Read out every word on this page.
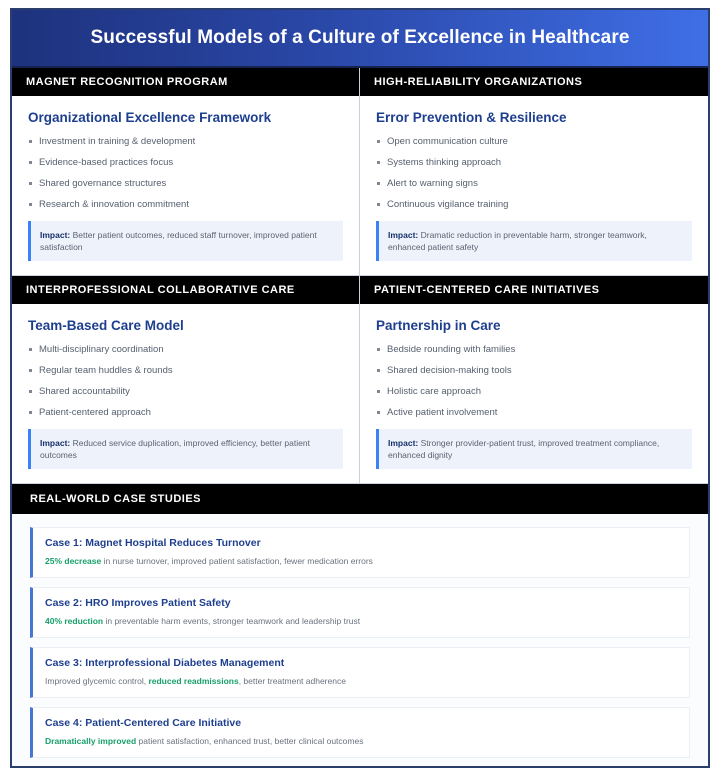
Successful Models of a Culture of Excellence in Healthcare
MAGNET RECOGNITION PROGRAM
Organizational Excellence Framework
Investment in training & development
Evidence-based practices focus
Shared governance structures
Research & innovation commitment
Impact: Better patient outcomes, reduced staff turnover, improved patient satisfaction
HIGH-RELIABILITY ORGANIZATIONS
Error Prevention & Resilience
Open communication culture
Systems thinking approach
Alert to warning signs
Continuous vigilance training
Impact: Dramatic reduction in preventable harm, stronger teamwork, enhanced patient safety
INTERPROFESSIONAL COLLABORATIVE CARE
Team-Based Care Model
Multi-disciplinary coordination
Regular team huddles & rounds
Shared accountability
Patient-centered approach
Impact: Reduced service duplication, improved efficiency, better patient outcomes
PATIENT-CENTERED CARE INITIATIVES
Partnership in Care
Bedside rounding with families
Shared decision-making tools
Holistic care approach
Active patient involvement
Impact: Stronger provider-patient trust, improved treatment compliance, enhanced dignity
REAL-WORLD CASE STUDIES
Case 1: Magnet Hospital Reduces Turnover
25% decrease in nurse turnover, improved patient satisfaction, fewer medication errors
Case 2: HRO Improves Patient Safety
40% reduction in preventable harm events, stronger teamwork and leadership trust
Case 3: Interprofessional Diabetes Management
Improved glycemic control, reduced readmissions, better treatment adherence
Case 4: Patient-Centered Care Initiative
Dramatically improved patient satisfaction, enhanced trust, better clinical outcomes
